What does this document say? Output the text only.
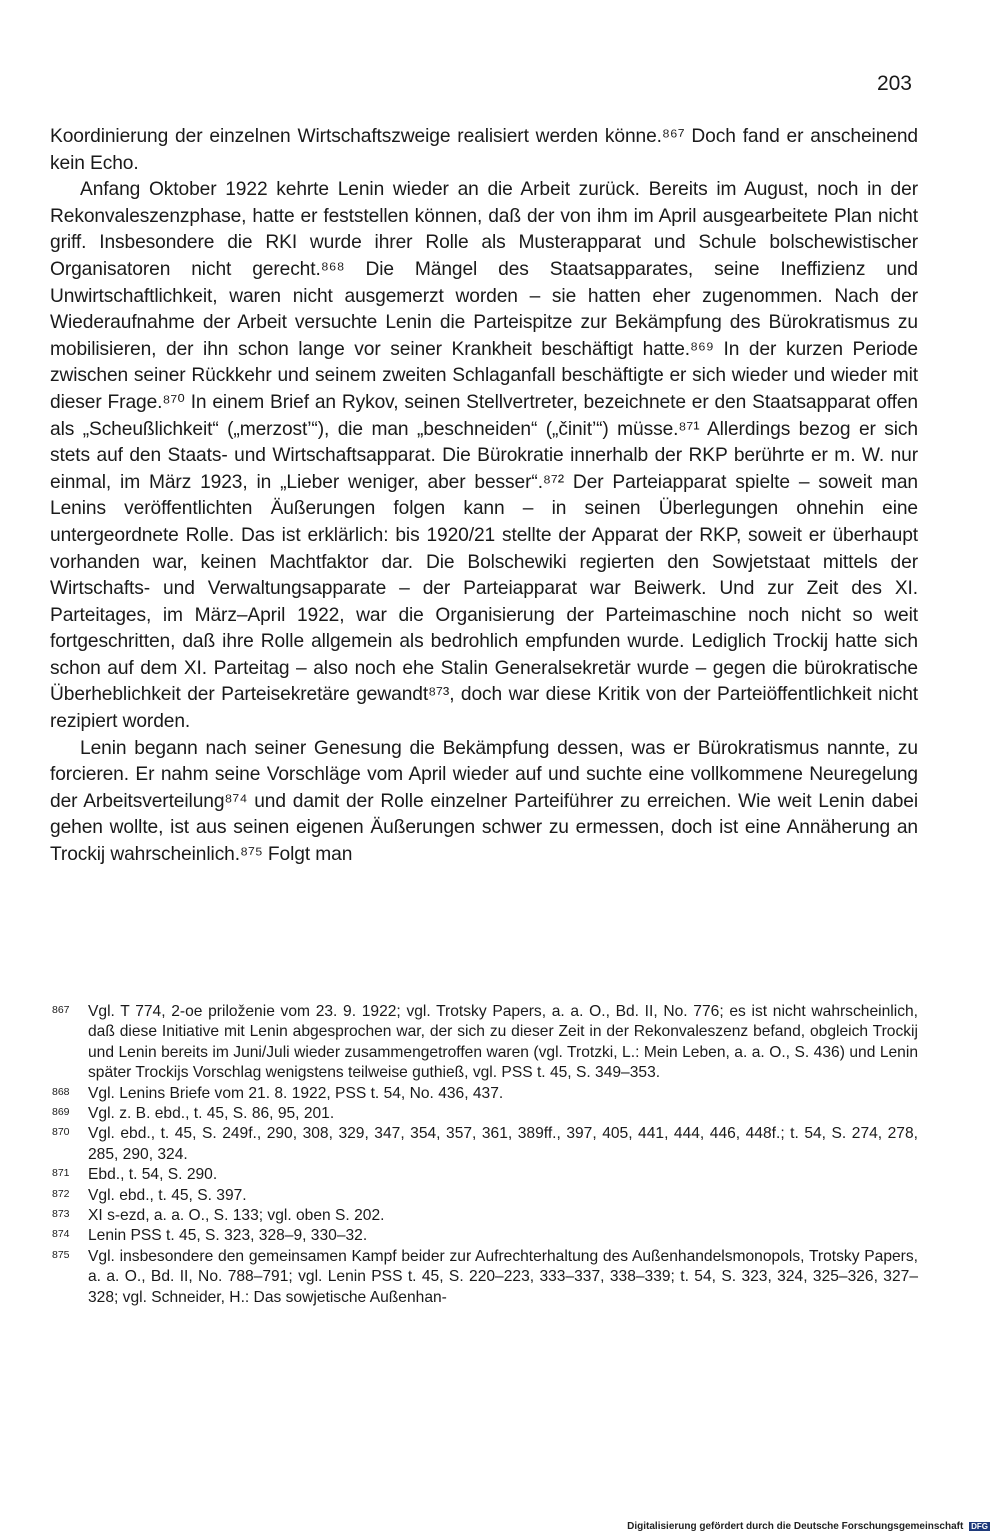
203

Koordinierung der einzelnen Wirtschaftszweige realisiert werden könne.⁸⁶⁷ Doch fand er anscheinend kein Echo.

Anfang Oktober 1922 kehrte Lenin wieder an die Arbeit zurück. Bereits im August, noch in der Rekonvaleszenzphase, hatte er feststellen können, daß der von ihm im April ausgearbeitete Plan nicht griff. Insbesondere die RKI wurde ihrer Rolle als Musterapparat und Schule bolschewistischer Organisatoren nicht gerecht.⁸⁶⁸ Die Mängel des Staatsapparates, seine Ineffizienz und Unwirtschaftlichkeit, waren nicht ausgemerzt worden – sie hatten eher zugenommen. Nach der Wiederaufnahme der Arbeit versuchte Lenin die Parteispitze zur Bekämpfung des Bürokratismus zu mobilisieren, der ihn schon lange vor seiner Krankheit beschäftigt hatte.⁸⁶⁹ In der kurzen Periode zwischen seiner Rückkehr und seinem zweiten Schlaganfall beschäftigte er sich wieder und wieder mit dieser Frage.⁸⁷⁰ In einem Brief an Rykov, seinen Stellvertreter, bezeichnete er den Staatsapparat offen als „Scheußlichkeit“ („merzost’“), die man „beschneiden“ („činit’“) müsse.⁸⁷¹ Allerdings bezog er sich stets auf den Staats- und Wirtschaftsapparat. Die Bürokratie innerhalb der RKP berührte er m. W. nur einmal, im März 1923, in „Lieber weniger, aber besser“.⁸⁷² Der Parteiapparat spielte – soweit man Lenins veröffentlichten Äußerungen folgen kann – in seinen Überlegungen ohnehin eine untergeordnete Rolle. Das ist erklärlich: bis 1920/21 stellte der Apparat der RKP, soweit er überhaupt vorhanden war, keinen Machtfaktor dar. Die Bolschewiki regierten den Sowjetstaat mittels der Wirtschafts- und Verwaltungsapparate – der Parteiapparat war Beiwerk. Und zur Zeit des XI. Parteitages, im März–April 1922, war die Organisierung der Parteimaschine noch nicht so weit fortgeschritten, daß ihre Rolle allgemein als bedrohlich empfunden wurde. Lediglich Trockij hatte sich schon auf dem XI. Parteitag – also noch ehe Stalin Generalsekretär wurde – gegen die bürokratische Überheblichkeit der Parteisekretäre gewandt⁸⁷³, doch war diese Kritik von der Parteiöffentlichkeit nicht rezipiert worden.

Lenin begann nach seiner Genesung die Bekämpfung dessen, was er Bürokratismus nannte, zu forcieren. Er nahm seine Vorschläge vom April wieder auf und suchte eine vollkommene Neuregelung der Arbeitsverteilung⁸⁷⁴ und damit der Rolle einzelner Parteiführer zu erreichen. Wie weit Lenin dabei gehen wollte, ist aus seinen eigenen Äußerungen schwer zu ermessen, doch ist eine Annäherung an Trockij wahrscheinlich.⁸⁷⁵ Folgt man

867 Vgl. T 774, 2-oe priloženie vom 23. 9. 1922; vgl. Trotsky Papers, a. a. O., Bd. II, No. 776; es ist nicht wahrscheinlich, daß diese Initiative mit Lenin abgesprochen war, der sich zu dieser Zeit in der Rekonvaleszenz befand, obgleich Trockij und Lenin bereits im Juni/Juli wieder zusammengetroffen waren (vgl. Trotzki, L.: Mein Leben, a. a. O., S. 436) und Lenin später Trockijs Vorschlag wenigstens teilweise guthieß, vgl. PSS t. 45, S. 349–353.
868 Vgl. Lenins Briefe vom 21. 8. 1922, PSS t. 54, No. 436, 437.
869 Vgl. z. B. ebd., t. 45, S. 86, 95, 201.
870 Vgl. ebd., t. 45, S. 249f., 290, 308, 329, 347, 354, 357, 361, 389ff., 397, 405, 441, 444, 446, 448f.; t. 54, S. 274, 278, 285, 290, 324.
871 Ebd., t. 54, S. 290.
872 Vgl. ebd., t. 45, S. 397.
873 XI s-ezd, a. a. O., S. 133; vgl. oben S. 202.
874 Lenin PSS t. 45, S. 323, 328–9, 330–32.
875 Vgl. insbesondere den gemeinsamen Kampf beider zur Aufrechterhaltung des Außenhandelsmonopols, Trotsky Papers, a. a. O., Bd. II, No. 788–791; vgl. Lenin PSS t. 45, S. 220–223, 333–337, 338–339; t. 54, S. 323, 324, 325–326, 327–328; vgl. Schneider, H.: Das sowjetische Außenhan-
Digitalisierung gefördert durch die Deutsche Forschungsgemeinschaft DFG
